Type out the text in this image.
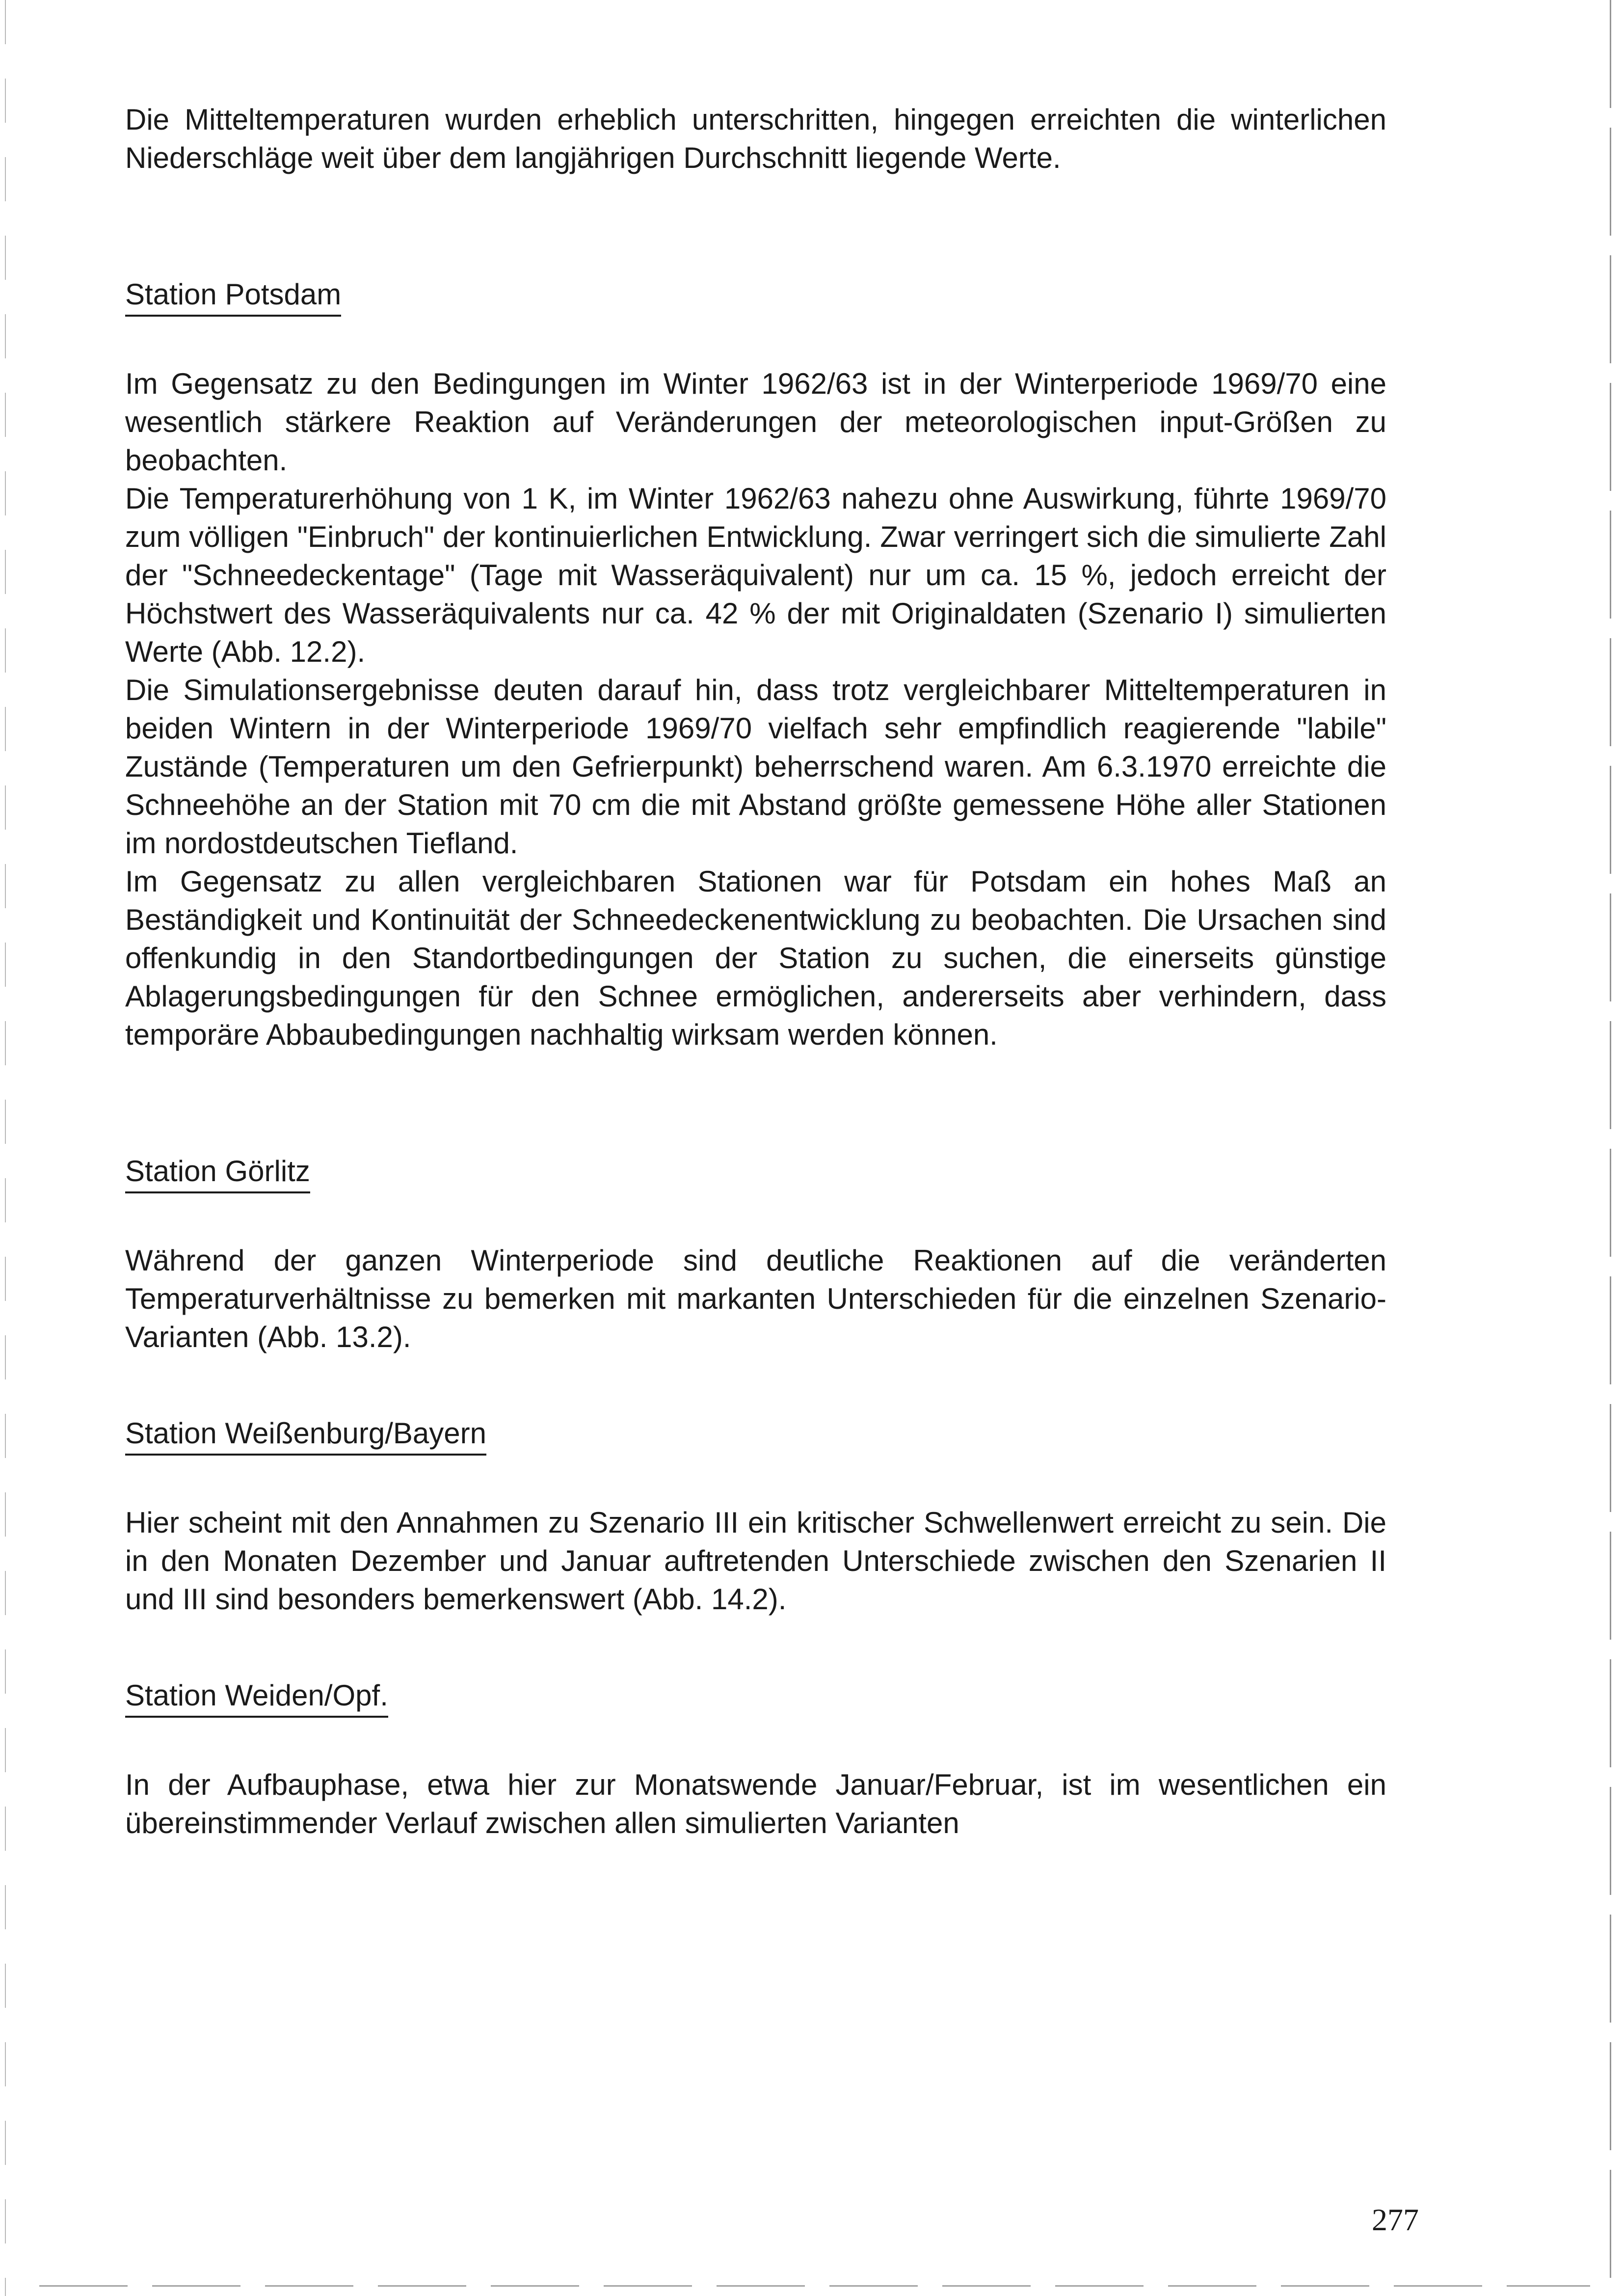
Die Mitteltemperaturen wurden erheblich unterschritten, hingegen erreichten die winterlichen Niederschläge weit über dem langjährigen Durchschnitt liegende Werte.

Station Potsdam

Im Gegensatz zu den Bedingungen im Winter 1962/63 ist in der Winterperiode 1969/70 eine wesentlich stärkere Reaktion auf Veränderungen der meteorologischen input-Größen zu beobachten.

Die Temperaturerhöhung von 1 K, im Winter 1962/63 nahezu ohne Auswirkung, führte 1969/70 zum völligen "Einbruch" der kontinuierlichen Entwicklung. Zwar verringert sich die simulierte Zahl der "Schneedeckentage" (Tage mit Wasseräquivalent) nur um ca. 15 %, jedoch erreicht der Höchstwert des Wasseräquivalents nur ca. 42 % der mit Originaldaten (Szenario I) simulierten Werte (Abb. 12.2).

Die Simulationsergebnisse deuten darauf hin, dass trotz vergleichbarer Mitteltemperaturen in beiden Wintern in der Winterperiode 1969/70 vielfach sehr empfindlich reagierende "labile" Zustände (Temperaturen um den Gefrierpunkt) beherrschend waren. Am 6.3.1970 erreichte die Schneehöhe an der Station mit 70 cm die mit Abstand größte gemessene Höhe aller Stationen im nordostdeutschen Tiefland.

Im Gegensatz zu allen vergleichbaren Stationen war für Potsdam ein hohes Maß an Beständigkeit und Kontinuität der Schneedeckenentwicklung zu beobachten. Die Ursachen sind offenkundig in den Standortbedingungen der Station zu suchen, die einerseits günstige Ablagerungsbedingungen für den Schnee ermöglichen, andererseits aber verhindern, dass temporäre Abbaubedingungen nachhaltig wirksam werden können.

Station Görlitz

Während der ganzen Winterperiode sind deutliche Reaktionen auf die veränderten Temperaturverhältnisse zu bemerken mit markanten Unterschieden für die einzelnen Szenario-Varianten (Abb. 13.2).

Station Weißenburg/Bayern

Hier scheint mit den Annahmen zu Szenario III ein kritischer Schwellenwert erreicht zu sein. Die in den Monaten Dezember und Januar auftretenden Unterschiede zwischen den Szenarien II und III sind besonders bemerkenswert (Abb. 14.2).

Station Weiden/Opf.

In der Aufbauphase, etwa hier zur Monatswende Januar/Februar, ist im wesentlichen ein übereinstimmender Verlauf zwischen allen simulierten Varianten

277
